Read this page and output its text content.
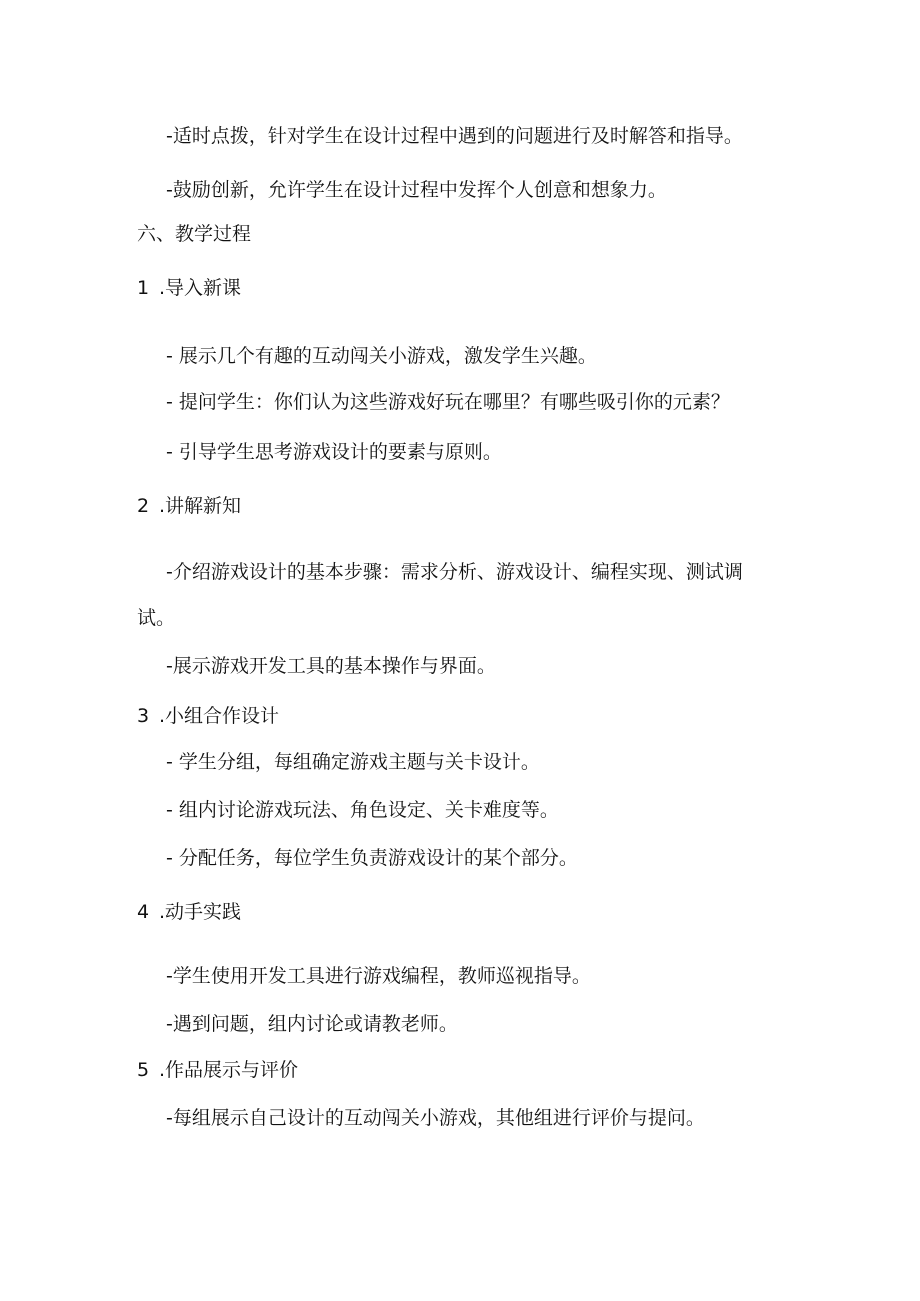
-适时点拨，针对学生在设计过程中遇到的问题进行及时解答和指导。
-鼓励创新，允许学生在设计过程中发挥个人创意和想象力。
六、教学过程
1 .导入新课
- 展示几个有趣的互动闯关小游戏，激发学生兴趣。
- 提问学生：你们认为这些游戏好玩在哪里？有哪些吸引你的元素？
- 引导学生思考游戏设计的要素与原则。
2 .讲解新知
-介绍游戏设计的基本步骤：需求分析、游戏设计、编程实现、测试调
试。
-展示游戏开发工具的基本操作与界面。
3 .小组合作设计
- 学生分组，每组确定游戏主题与关卡设计。
- 组内讨论游戏玩法、角色设定、关卡难度等。
- 分配任务，每位学生负责游戏设计的某个部分。
4 .动手实践
-学生使用开发工具进行游戏编程，教师巡视指导。
-遇到问题，组内讨论或请教老师。
5 .作品展示与评价
-每组展示自己设计的互动闯关小游戏，其他组进行评价与提问。
